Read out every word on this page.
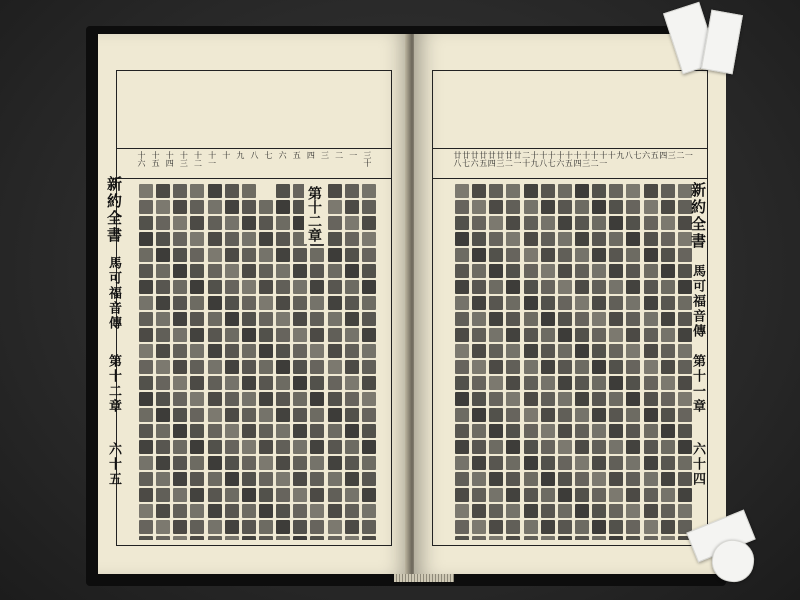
十六 十五 十四 十三 十二 十一 十 九 八 七 六 五 四 三 二 一 三十
新約全書
馬可福音傳
第十二章
六十五
第十二章
廿八 廿七 廿六 廿五 廿四 廿三 廿二 廿一 二十 十九 十八 十七 十六 十五 十四 十三 十二 十一 十 九 八 七 六 五 四 三 二 一
新約全書
馬可福音傳
第十一章
六十四
